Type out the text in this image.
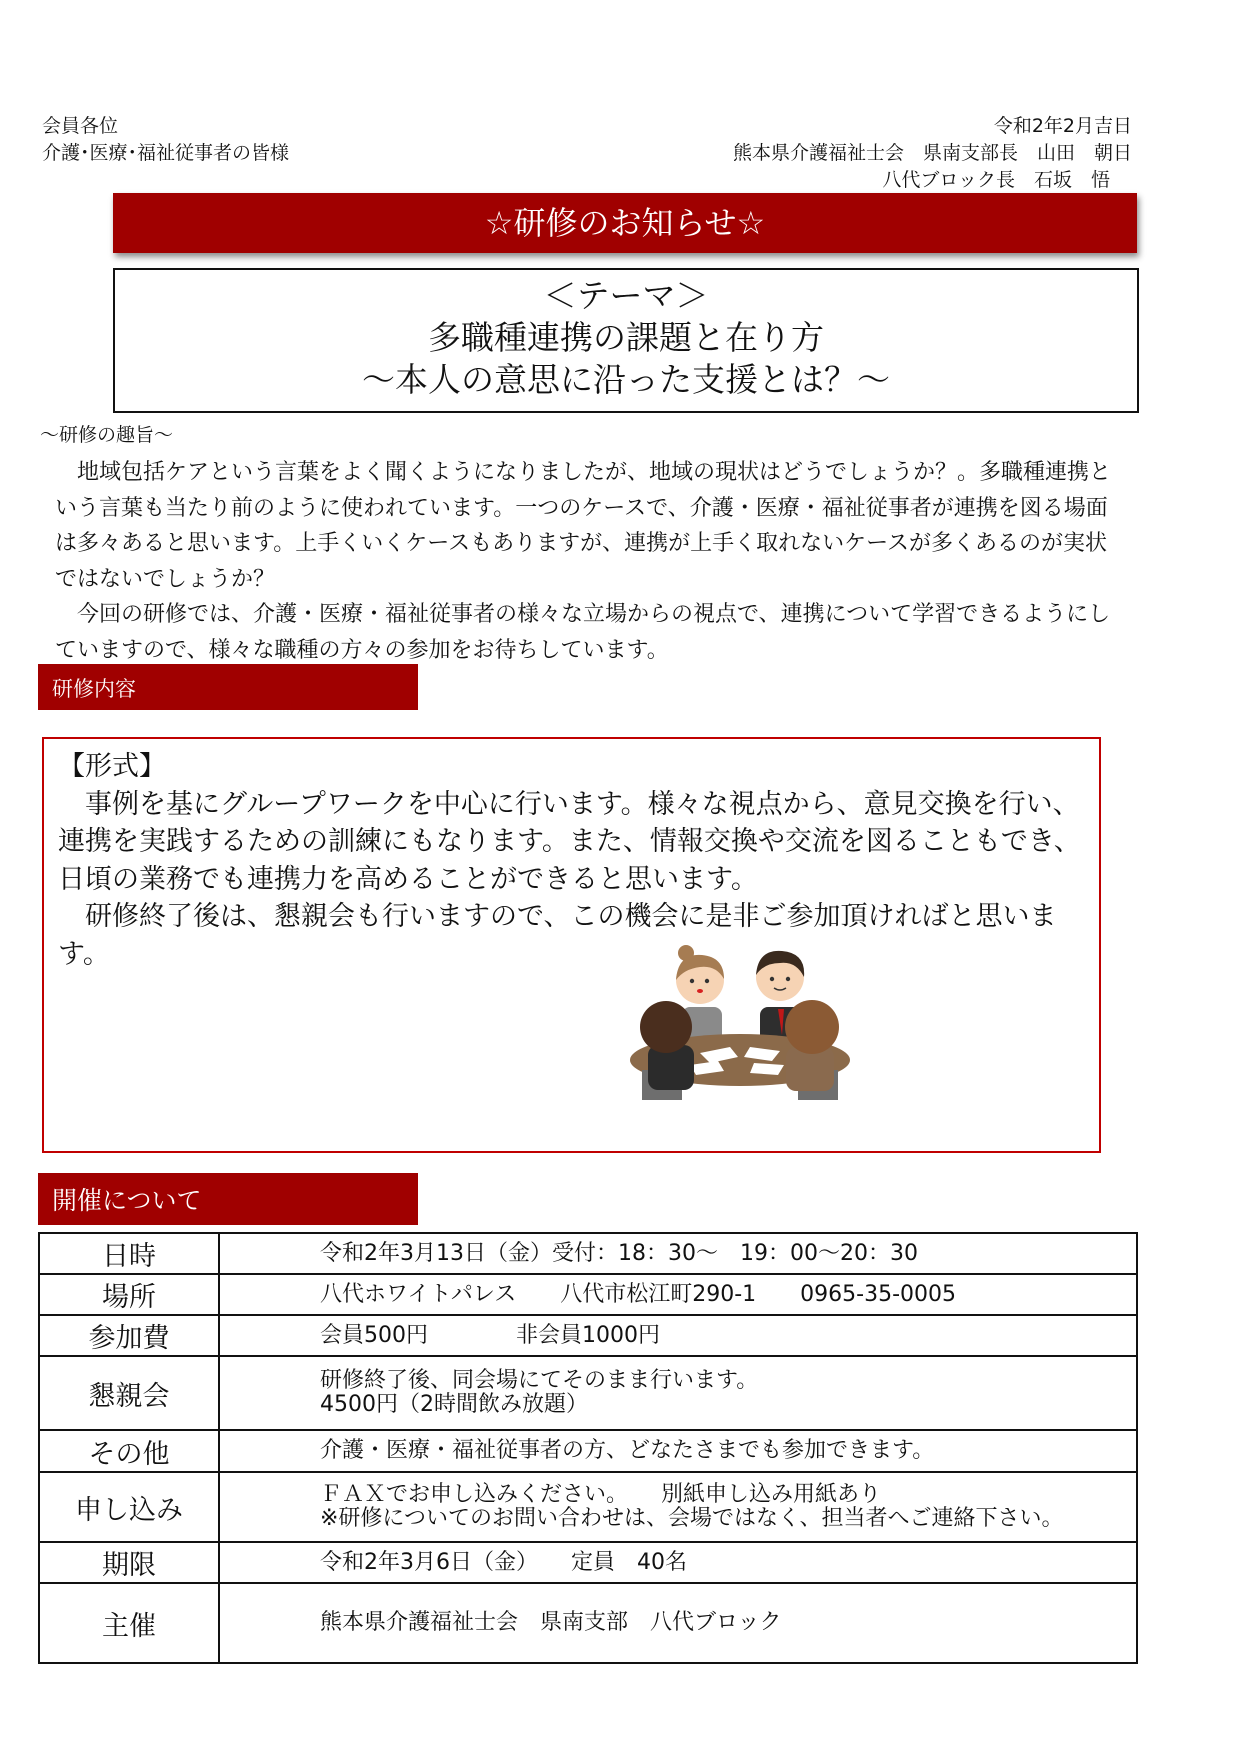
会員各位
介護･医療･福祉従事者の皆様
令和2年2月吉日
熊本県介護福祉士会　県南支部長　山田　朝日
八代ブロック長　石坂　悟
☆研修のお知らせ☆
＜テーマ＞
多職種連携の課題と在り方
～本人の意思に沿った支援とは？～
～研修の趣旨～

地域包括ケアという言葉をよく聞くようになりましたが、地域の現状はどうでしょうか？。多職種連携という言葉も当たり前のように使われています。一つのケースで、介護・医療・福祉従事者が連携を図る場面は多々あると思います。上手くいくケースもありますが、連携が上手く取れないケースが多くあるのが実状ではないでしょうか？

今回の研修では、介護・医療・福祉従事者の様々な立場からの視点で、連携について学習できるようにしていますので、様々な職種の方々の参加をお待ちしています。

研修内容

【形式】

事例を基にグループワークを中心に行います。様々な視点から、意見交換を行い、連携を実践するための訓練にもなります。また、情報交換や交流を図ることもでき、日頃の業務でも連携力を高めることができると思います。

研修終了後は、懇親会も行いますので、この機会に是非ご参加頂ければと思います。

開催について
日時	令和2年3月13日（金）受付：18：30～　19：00～20：30

場所	八代ホワイトパレス　　八代市松江町290-1　　0965-35-0005

参加費	会員500円　　　　非会員1000円

懇親会	研修終了後、同会場にてそのまま行います。
4500円（2時間飲み放題）

その他	介護・医療・福祉従事者の方、どなたさまでも参加できます。

申し込み	ＦＡＸでお申し込みください。　　別紙申し込み用紙あり
※研修についてのお問い合わせは、会場ではなく、担当者へご連絡下さい。

期限	令和2年3月6日（金）　　定員　40名

主催	熊本県介護福祉士会　県南支部　八代ブロック
